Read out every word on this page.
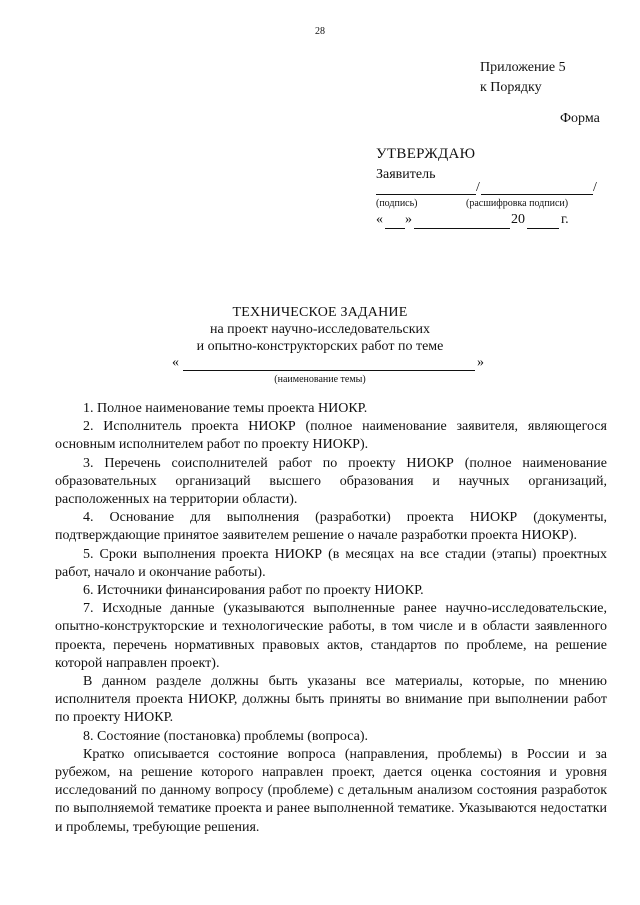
28
Приложение 5
к Порядку
Форма
УТВЕРЖДАЮ
Заявитель
/	/
(подпись)	(расшифровка подписи)
« »	20	г.
ТЕХНИЧЕСКОЕ ЗАДАНИЕ
на проект научно-исследовательских
и опытно-конструкторских работ по теме
«	»
(наименование темы)

1. Полное наименование темы проекта НИОКР.

2. Исполнитель проекта НИОКР (полное наименование заявителя, являющегося основным исполнителем работ по проекту НИОКР).

3. Перечень соисполнителей работ по проекту НИОКР (полное наименование образовательных организаций высшего образования и научных организаций, расположенных на территории области).

4. Основание для выполнения (разработки) проекта НИОКР (документы, подтверждающие принятое заявителем решение о начале разработки проекта НИОКР).

5. Сроки выполнения проекта НИОКР (в месяцах на все стадии (этапы) проектных работ, начало и окончание работы).

6. Источники финансирования работ по проекту НИОКР.

7. Исходные данные (указываются выполненные ранее научно-исследовательские, опытно-конструкторские и технологические работы, в том числе и в области заявленного проекта, перечень нормативных правовых актов, стандартов по проблеме, на решение которой направлен проект).

В данном разделе должны быть указаны все материалы, которые, по мнению исполнителя проекта НИОКР, должны быть приняты во внимание при выполнении работ по проекту НИОКР.

8. Состояние (постановка) проблемы (вопроса).

Кратко описывается состояние вопроса (направления, проблемы) в России и за рубежом, на решение которого направлен проект, дается оценка состояния и уровня исследований по данному вопросу (проблеме) с детальным анализом состояния разработок по выполняемой тематике проекта и ранее выполненной тематике. Указываются недостатки и проблемы, требующие решения.
